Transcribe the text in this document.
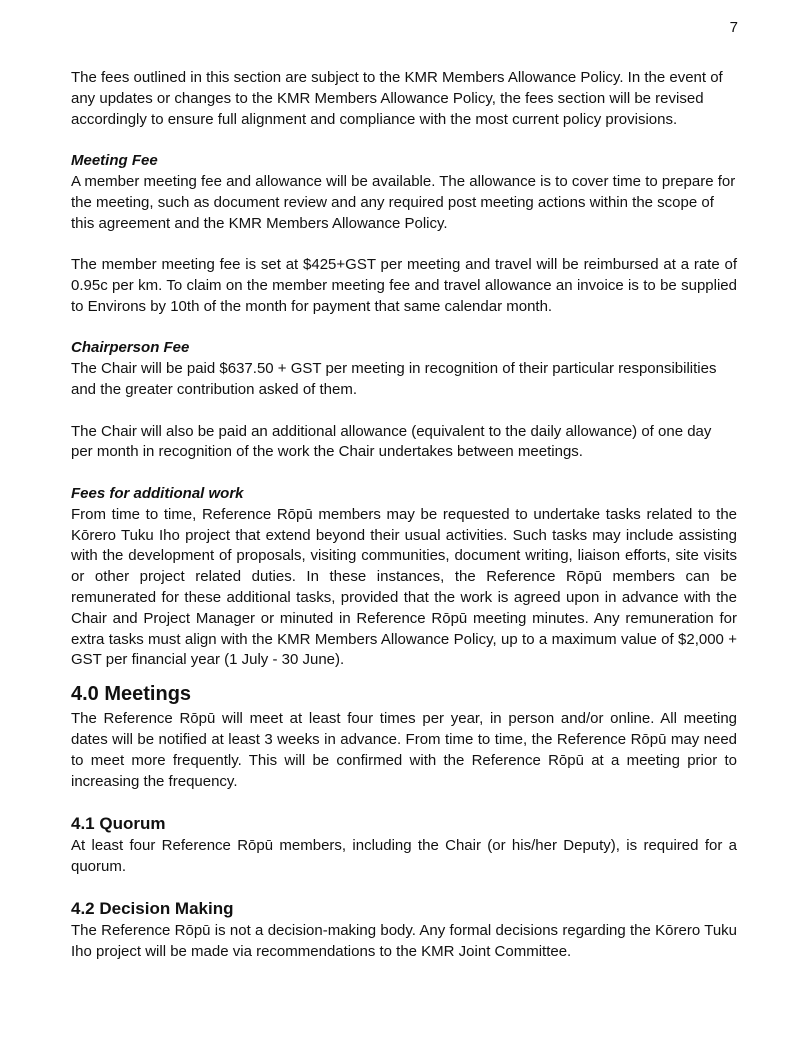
7

The fees outlined in this section are subject to the KMR Members Allowance Policy. In the event of any updates or changes to the KMR Members Allowance Policy, the fees section will be revised accordingly to ensure full alignment and compliance with the most current policy provisions.

Meeting Fee

A member meeting fee and allowance will be available. The allowance is to cover time to prepare for the meeting, such as document review and any required post meeting actions within the scope of this agreement and the KMR Members Allowance Policy.

The member meeting fee is set at $425+GST per meeting and travel will be reimbursed at a rate of 0.95c per km. To claim on the member meeting fee and travel allowance an invoice is to be supplied to Environs by 10th of the month for payment that same calendar month.

Chairperson Fee

The Chair will be paid $637.50 + GST per meeting in recognition of their particular responsibilities and the greater contribution asked of them.

The Chair will also be paid an additional allowance (equivalent to the daily allowance) of one day per month in recognition of the work the Chair undertakes between meetings.

Fees for additional work

From time to time, Reference Rōpū members may be requested to undertake tasks related to the Kōrero Tuku Iho project that extend beyond their usual activities. Such tasks may include assisting with the development of proposals, visiting communities, document writing, liaison efforts, site visits or other project related duties. In these instances, the Reference Rōpū members can be remunerated for these additional tasks, provided that the work is agreed upon in advance with the Chair and Project Manager or minuted in Reference Rōpū meeting minutes. Any remuneration for extra tasks must align with the KMR Members Allowance Policy, up to a maximum value of $2,000 + GST per financial year (1 July - 30 June).

4.0 Meetings

The Reference Rōpū will meet at least four times per year, in person and/or online. All meeting dates will be notified at least 3 weeks in advance. From time to time, the Reference Rōpū may need to meet more frequently. This will be confirmed with the Reference Rōpū at a meeting prior to increasing the frequency.

4.1 Quorum

At least four Reference Rōpū members, including the Chair (or his/her Deputy), is required for a quorum.

4.2 Decision Making

The Reference Rōpū is not a decision-making body. Any formal decisions regarding the Kōrero Tuku Iho project will be made via recommendations to the KMR Joint Committee.
